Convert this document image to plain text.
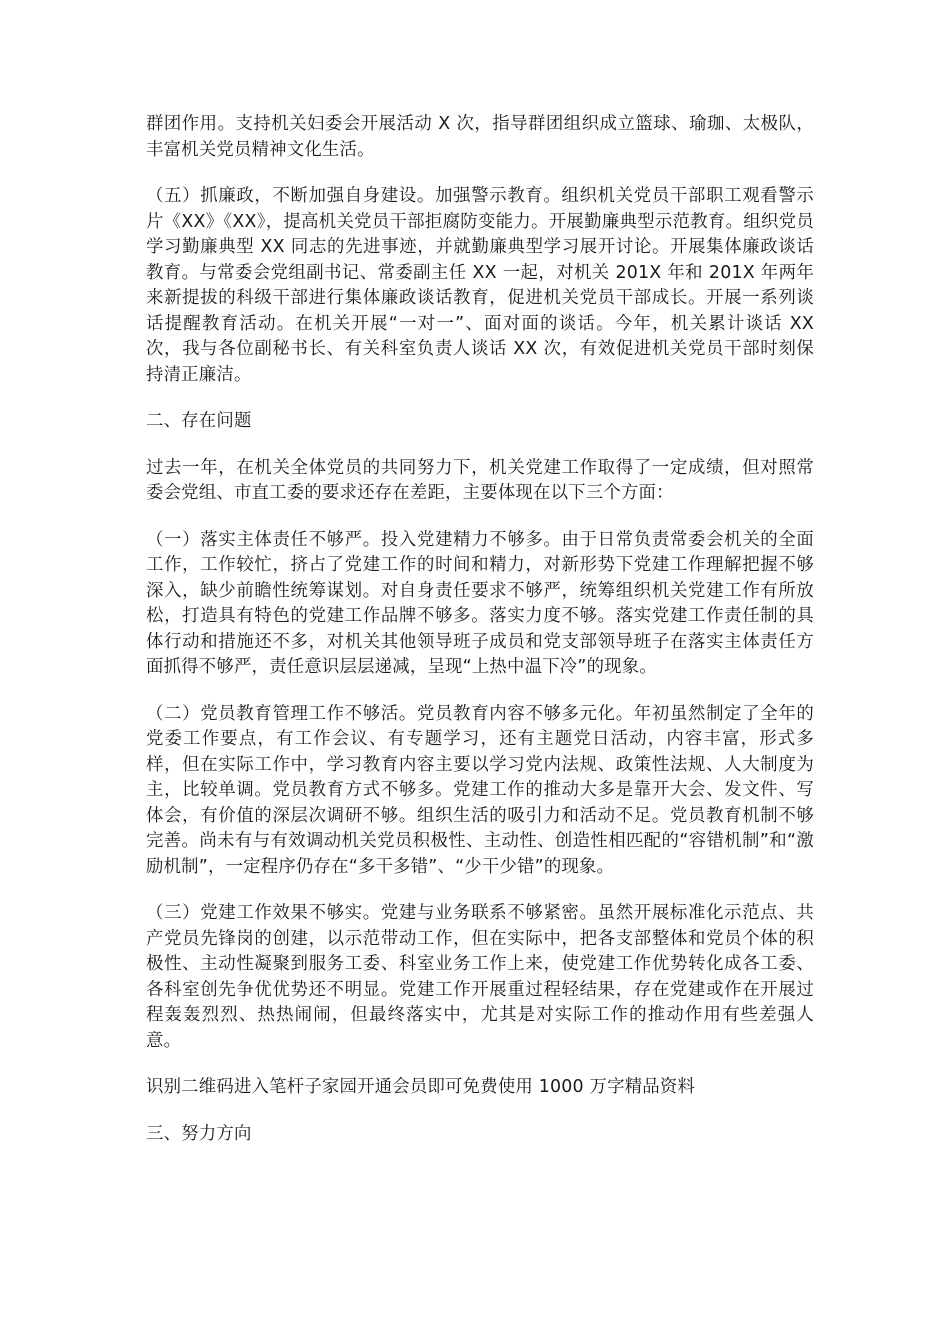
群团作用。支持机关妇委会开展活动 X 次，指导群团组织成立篮球、瑜珈、太极队，丰富机关党员精神文化生活。

（五）抓廉政，不断加强自身建设。加强警示教育。组织机关党员干部职工观看警示片《XX》《XX》，提高机关党员干部拒腐防变能力。开展勤廉典型示范教育。组织党员学习勤廉典型 XX 同志的先进事迹，并就勤廉典型学习展开讨论。开展集体廉政谈话教育。与常委会党组副书记、常委副主任 XX 一起，对机关 201X 年和 201X 年两年来新提拔的科级干部进行集体廉政谈话教育，促进机关党员干部成长。开展一系列谈话提醒教育活动。在机关开展“一对一”、面对面的谈话。今年，机关累计谈话 XX 次，我与各位副秘书长、有关科室负责人谈话 XX 次，有效促进机关党员干部时刻保持清正廉洁。

二、存在问题

过去一年，在机关全体党员的共同努力下，机关党建工作取得了一定成绩，但对照常委会党组、市直工委的要求还存在差距，主要体现在以下三个方面：

（一）落实主体责任不够严。投入党建精力不够多。由于日常负责常委会机关的全面工作，工作较忙，挤占了党建工作的时间和精力，对新形势下党建工作理解把握不够深入，缺少前瞻性统筹谋划。对自身责任要求不够严，统筹组织机关党建工作有所放松，打造具有特色的党建工作品牌不够多。落实力度不够。落实党建工作责任制的具体行动和措施还不多，对机关其他领导班子成员和党支部领导班子在落实主体责任方面抓得不够严，责任意识层层递减，呈现“上热中温下冷”的现象。

（二）党员教育管理工作不够活。党员教育内容不够多元化。年初虽然制定了全年的党委工作要点，有工作会议、有专题学习，还有主题党日活动，内容丰富，形式多样，但在实际工作中，学习教育内容主要以学习党内法规、政策性法规、人大制度为主，比较单调。党员教育方式不够多。党建工作的推动大多是靠开大会、发文件、写体会，有价值的深层次调研不够。组织生活的吸引力和活动不足。党员教育机制不够完善。尚未有与有效调动机关党员积极性、主动性、创造性相匹配的“容错机制”和“激励机制”，一定程序仍存在“多干多错”、“少干少错”的现象。

（三）党建工作效果不够实。党建与业务联系不够紧密。虽然开展标准化示范点、共产党员先锋岗的创建，以示范带动工作，但在实际中，把各支部整体和党员个体的积极性、主动性凝聚到服务工委、科室业务工作上来，使党建工作优势转化成各工委、各科室创先争优优势还不明显。党建工作开展重过程轻结果，存在党建或作在开展过程轰轰烈烈、热热闹闹，但最终落实中，尤其是对实际工作的推动作用有些差强人意。

识别二维码进入笔杆子家园开通会员即可免费使用 1000 万字精品资料

三、努力方向
